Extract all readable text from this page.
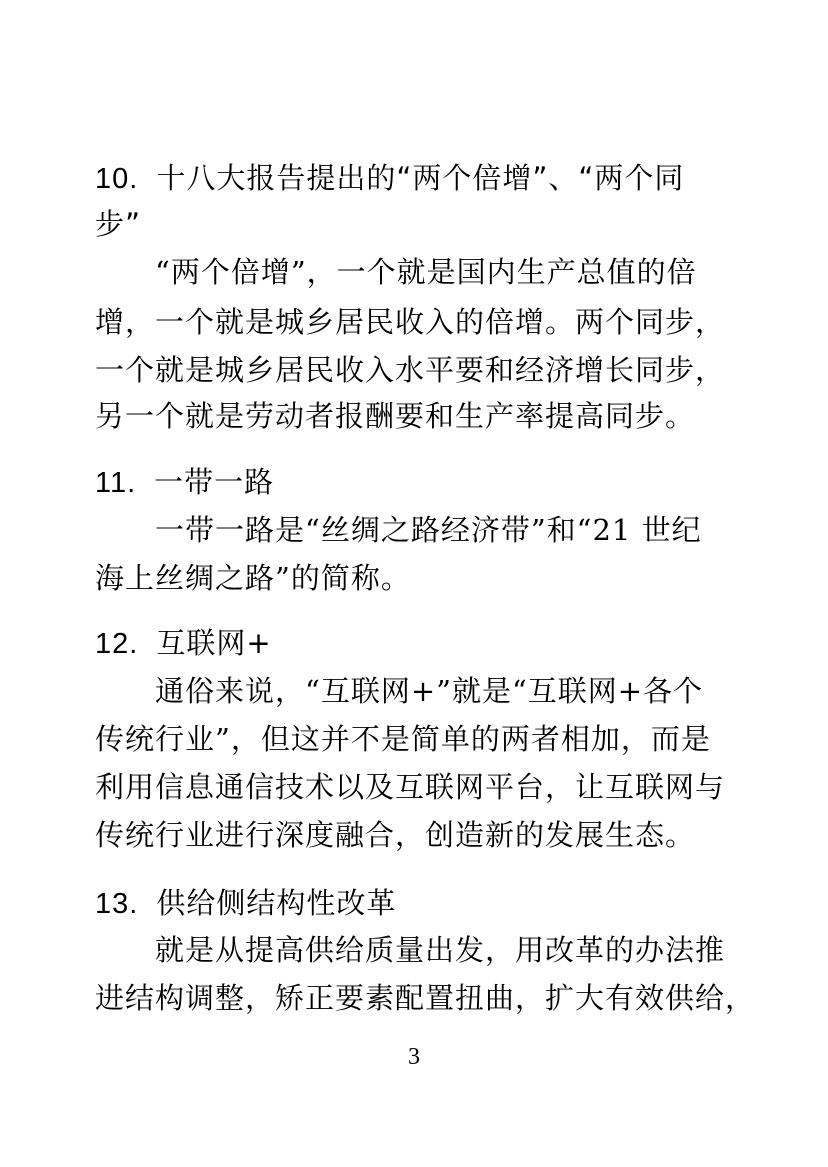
10. 十八大报告提出的“两个倍增”、“两个同
步”
“两个倍增”，一个就是国内生产总值的倍
增，一个就是城乡居民收入的倍增。两个同步，
一个就是城乡居民收入水平要和经济增长同步，
另一个就是劳动者报酬要和生产率提高同步。
11. 一带一路
一带一路是“丝绸之路经济带”和“21 世纪
海上丝绸之路”的简称。
12. 互联网+
通俗来说，“互联网+”就是“互联网+各个
传统行业”，但这并不是简单的两者相加，而是
利用信息通信技术以及互联网平台，让互联网与
传统行业进行深度融合，创造新的发展生态。
13. 供给侧结构性改革
就是从提高供给质量出发，用改革的办法推
进结构调整，矫正要素配置扭曲，扩大有效供给，
3
